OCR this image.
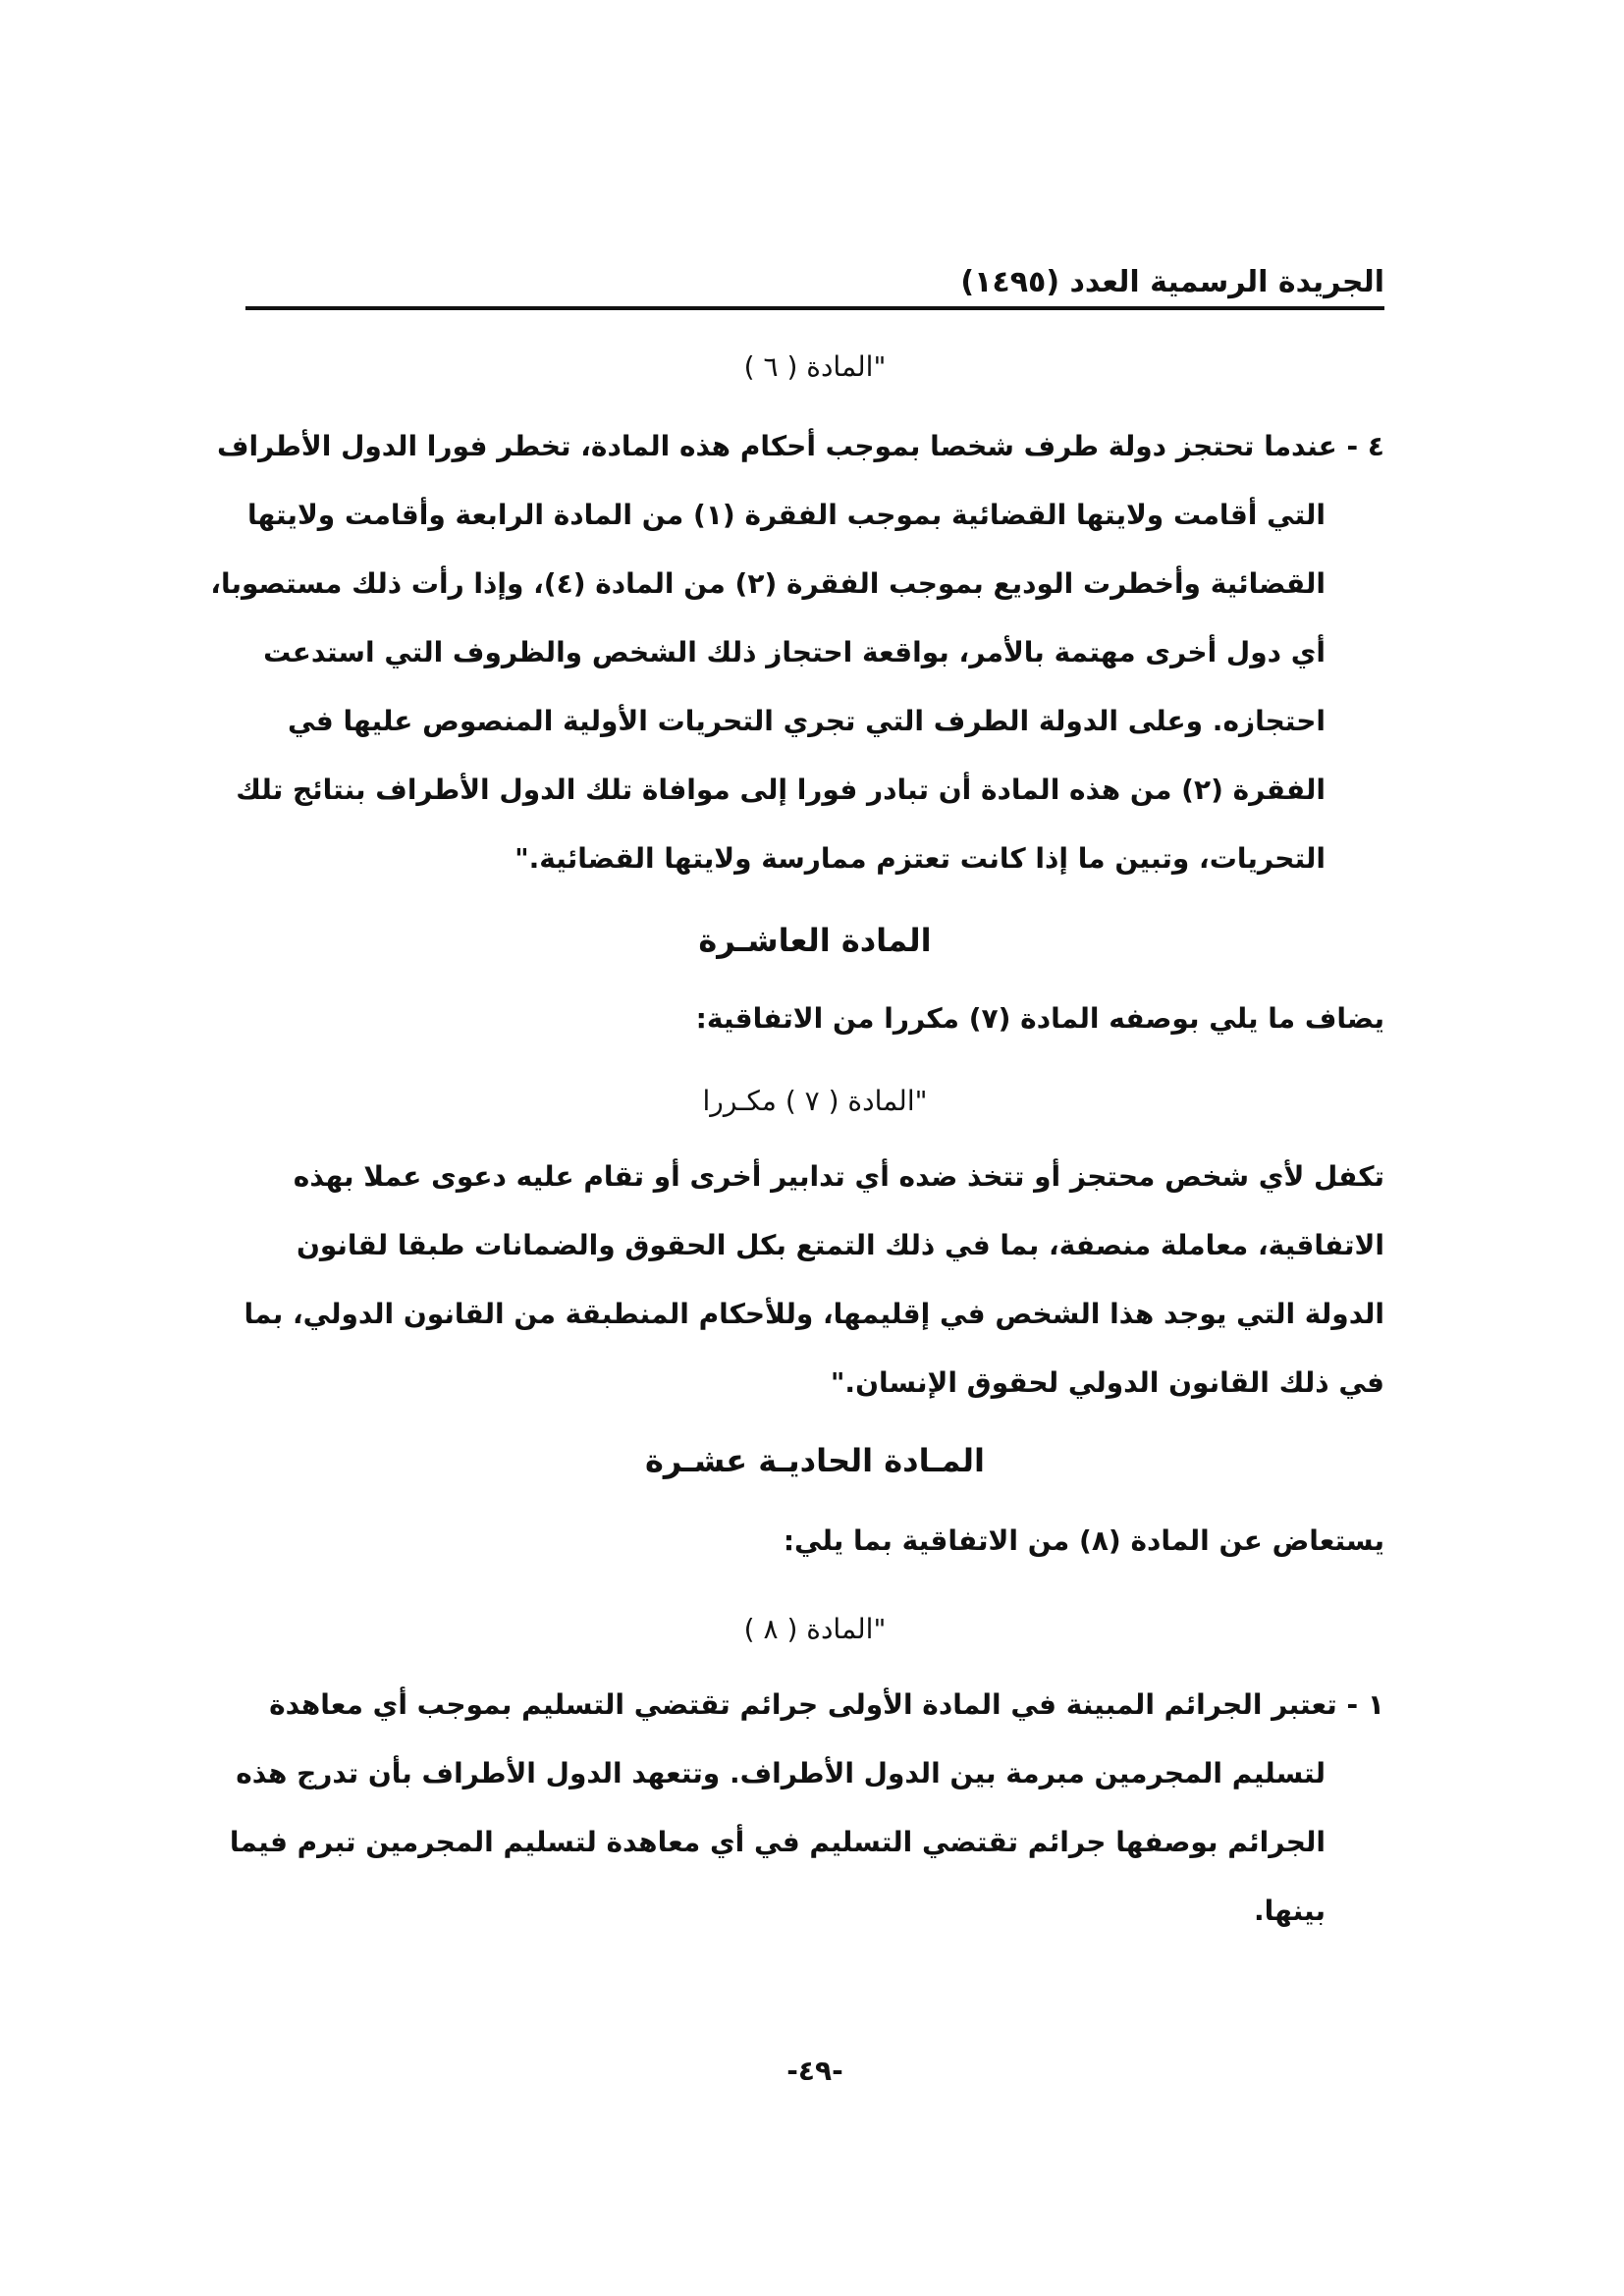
الجريدة الرسمية العدد (١٤٩٥)
"المادة ( ٦ )
٤ - عندما تحتجز دولة طرف شخصا بموجب أحكام هذه المادة، تخطر فورا الدول الأطراف
التي أقامت ولايتها القضائية بموجب الفقرة (١) من المادة الرابعة وأقامت ولايتها
القضائية وأخطرت الوديع بموجب الفقرة (٢) من المادة (٤)، وإذا رأت ذلك مستصوبا،
أي دول أخرى مهتمة بالأمر، بواقعة احتجاز ذلك الشخص والظروف التي استدعت
احتجازه. وعلى الدولة الطرف التي تجري التحريات الأولية المنصوص عليها في
الفقرة (٢) من هذه المادة أن تبادر فورا إلى موافاة تلك الدول الأطراف بنتائج تلك
التحريات، وتبين ما إذا كانت تعتزم ممارسة ولايتها القضائية."
المادة العاشـرة
يضاف ما يلي بوصفه المادة (٧) مكررا من الاتفاقية:
"المادة ( ٧ ) مكـررا
تكفل لأي شخص محتجز أو تتخذ ضده أي تدابير أخرى أو تقام عليه دعوى عملا بهذه
الاتفاقية، معاملة منصفة، بما في ذلك التمتع بكل الحقوق والضمانات طبقا لقانون
الدولة التي يوجد هذا الشخص في إقليمها، وللأحكام المنطبقة من القانون الدولي، بما
في ذلك القانون الدولي لحقوق الإنسان."
المـادة الحاديـة عشـرة
يستعاض عن المادة (٨) من الاتفاقية بما يلي:
"المادة ( ٨ )
١ - تعتبر الجرائم المبينة في المادة الأولى جرائم تقتضي التسليم بموجب أي معاهدة
لتسليم المجرمين مبرمة بين الدول الأطراف. وتتعهد الدول الأطراف بأن تدرج هذه
الجرائم بوصفها جرائم تقتضي التسليم في أي معاهدة لتسليم المجرمين تبرم فيما
بينها.
-٤٩-
